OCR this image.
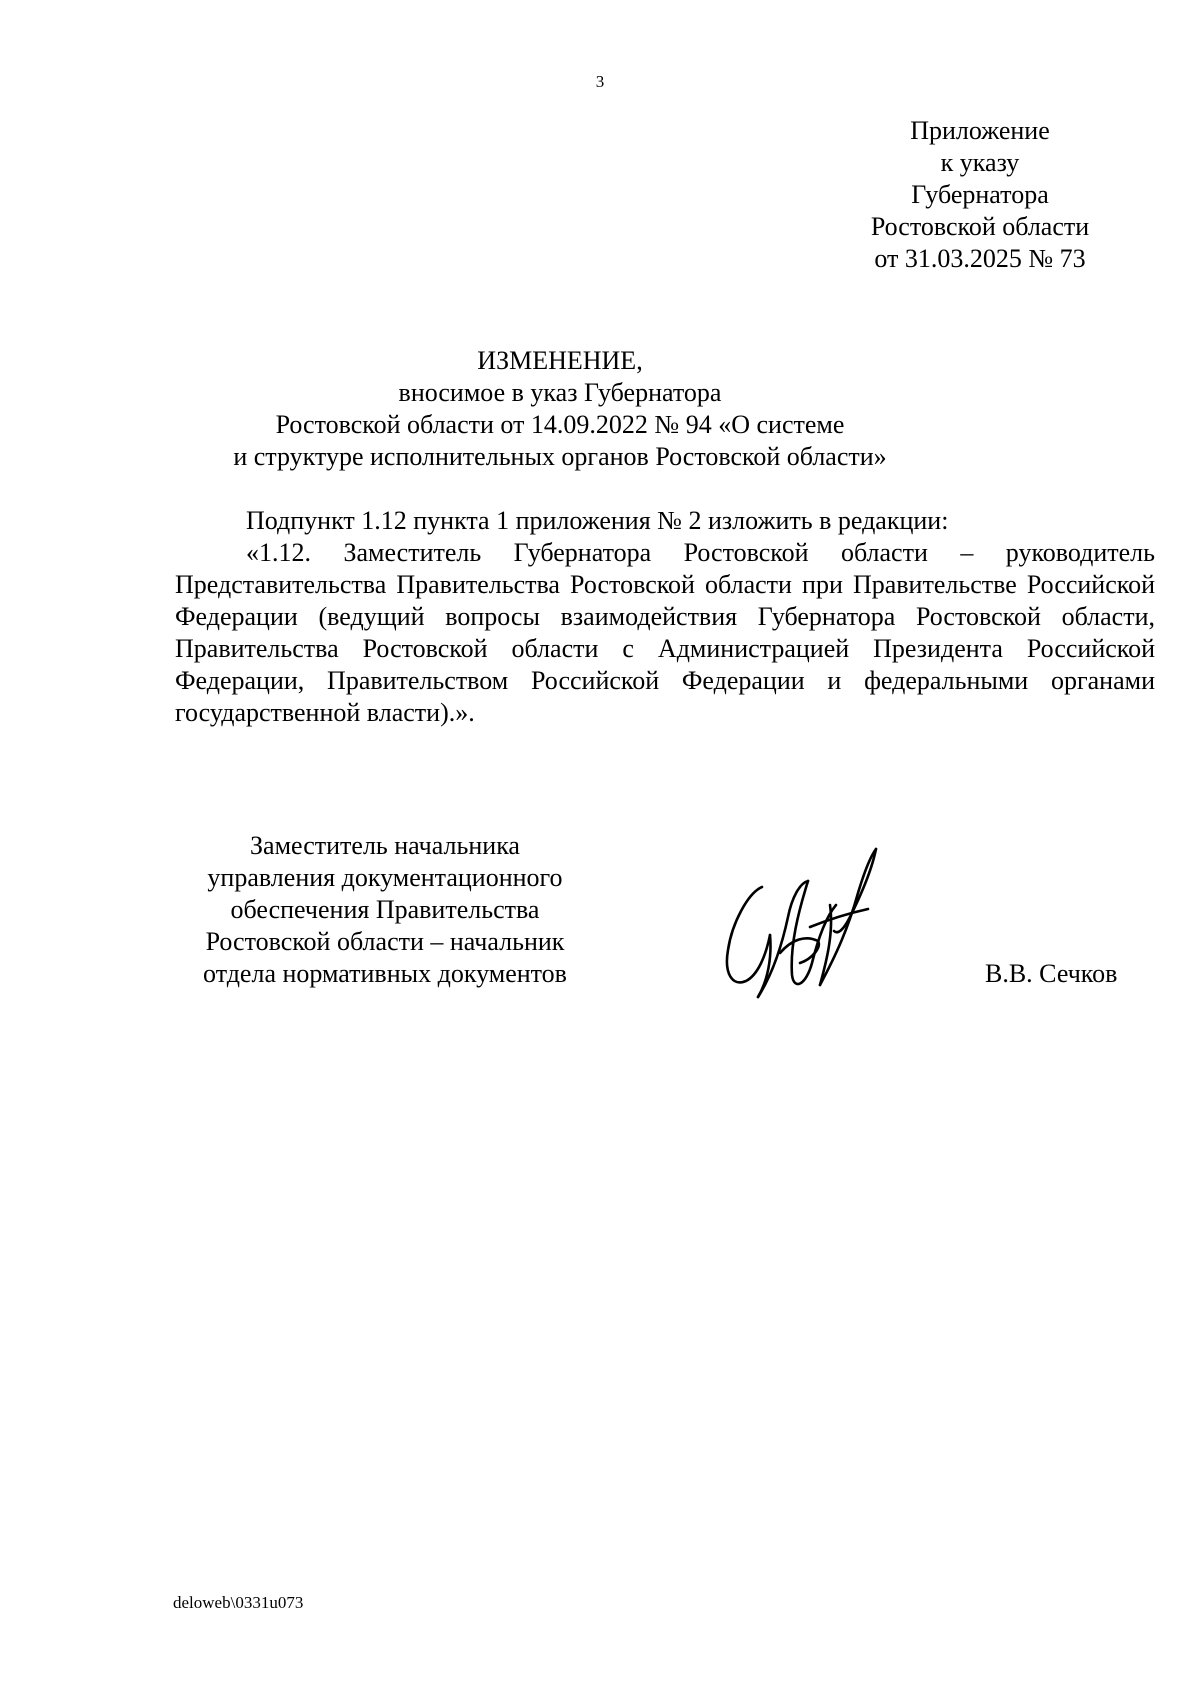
3
Приложение
к указу
Губернатора
Ростовской области
от 31.03.2025 № 73
ИЗМЕНЕНИЕ,
вносимое в указ Губернатора
Ростовской области от 14.09.2022 № 94 «О системе
и структуре исполнительных органов Ростовской области»

Подпункт 1.12 пункта 1 приложения № 2 изложить в редакции:

«1.12. Заместитель Губернатора Ростовской области – руководитель Представительства Правительства Ростовской области при Правительстве Российской Федерации (ведущий вопросы взаимодействия Губернатора Ростовской области, Правительства Ростовской области с Администрацией Президента Российской Федерации, Правительством Российской Федерации и федеральными органами государственной власти).».

Заместитель начальника
управления документационного
обеспечения Правительства
Ростовской области – начальник
отдела нормативных документов	В.В. Сечков
deloweb\0331u073
